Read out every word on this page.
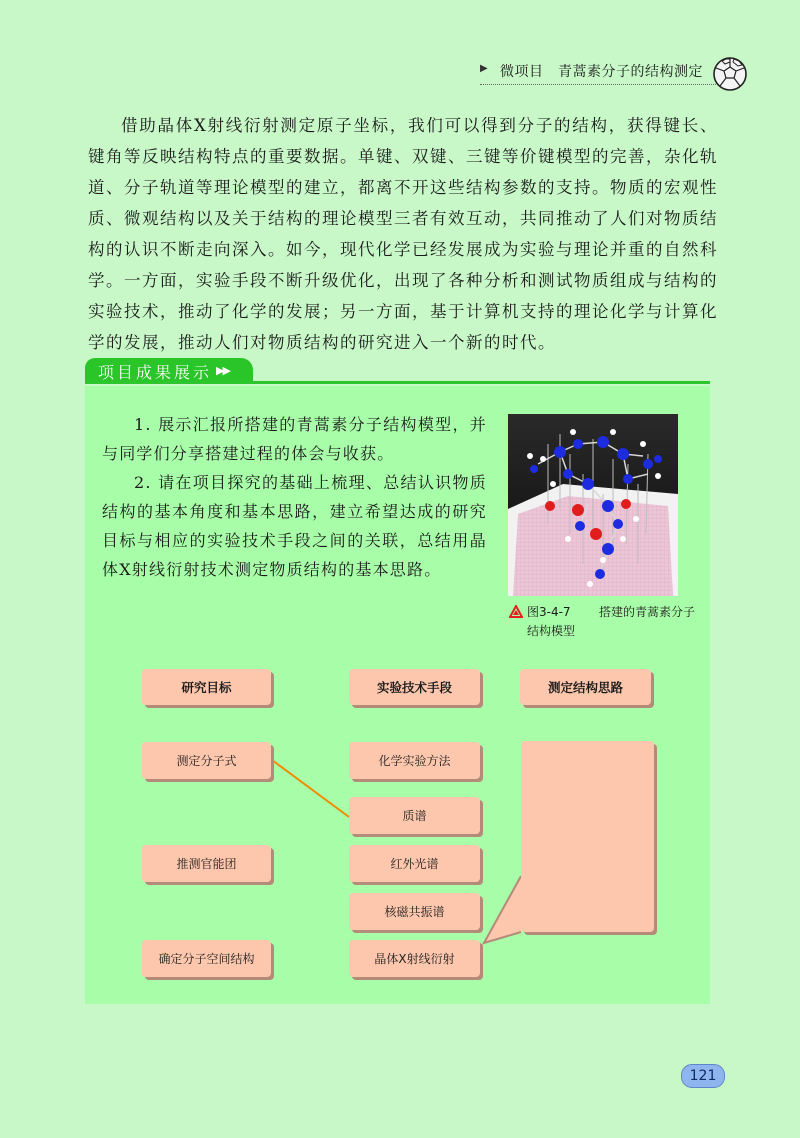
▶ 微项目　青蒿素分子的结构测定
借助晶体X射线衍射测定原子坐标，我们可以得到分子的结构，获得键长、键角等反映结构特点的重要数据。单键、双键、三键等价键模型的完善，杂化轨道、分子轨道等理论模型的建立，都离不开这些结构参数的支持。物质的宏观性质、微观结构以及关于结构的理论模型三者有效互动，共同推动了人们对物质结构的认识不断走向深入。如今，现代化学已经发展成为实验与理论并重的自然科学。一方面，实验手段不断升级优化，出现了各种分析和测试物质组成与结构的实验技术，推动了化学的发展；另一方面，基于计算机支持的理论化学与计算化学的发展，推动人们对物质结构的研究进入一个新的时代。
项目成果展示 ▶▶

1. 展示汇报所搭建的青蒿素分子结构模型，并与同学们分享搭建过程的体会与收获。

2. 请在项目探究的基础上梳理、总结认识物质结构的基本角度和基本思路，建立希望达成的研究目标与相应的实验技术手段之间的关联，总结用晶体X射线衍射技术测定物质结构的基本思路。

图3-4-7 搭建的青蒿素分子
结构模型
研究目标	实验技术手段	测定结构思路
测定分子式
推测官能团
确定分子空间结构
化学实验方法
质谱
红外光谱
核磁共振谱
晶体X射线衍射
121
